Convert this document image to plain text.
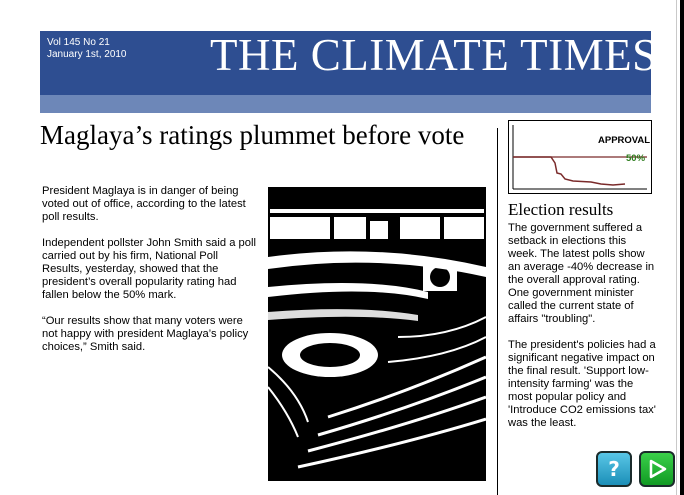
Vol 145 No 21
January 1st, 2010 THE CLIMATE TIMES
Maglaya’s ratings plummet before vote

President Maglaya is in danger of being voted out of office, according to the latest poll results.

Independent pollster John Smith said a poll carried out by his firm, National Poll Results, yesterday, showed that the president’s overall popularity rating had fallen below the 50% mark.

“Our results show that many voters were not happy with president Maglaya’s policy choices,” Smith said.

APPROVAL
50%
Election results

The government suffered a setback in elections this week. The latest polls show an average -40% decrease in the overall approval rating. One government minister called the current state of affairs "troubling".

The president's policies had a significant negative impact on the final result. 'Support low-intensity farming' was the most popular policy and 'Introduce CO2 emissions tax' was the least.

?
